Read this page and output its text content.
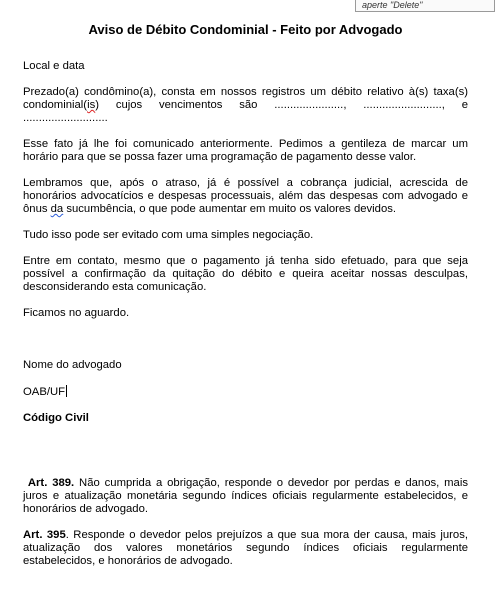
aperte "Delete"
Aviso de Débito Condominial - Feito por Advogado

Local e data

Prezado(a) condômino(a), consta em nossos registros um débito relativo à(s) taxa(s) condominial(is) cujos vencimentos são ......................, ........................., e ...........................

Esse fato já lhe foi comunicado anteriormente. Pedimos a gentileza de marcar um horário para que se possa fazer uma programação de pagamento desse valor.

Lembramos que, após o atraso, já é possível a cobrança judicial, acrescida de honorários advocatícios e despesas processuais, além das despesas com advogado e ônus da sucumbência, o que pode aumentar em muito os valores devidos.

Tudo isso pode ser evitado com uma simples negociação.

Entre em contato, mesmo que o pagamento já tenha sido efetuado, para que seja possível a confirmação da quitação do débito e queira aceitar nossas desculpas, desconsiderando esta comunicação.

Ficamos no aguardo.

Nome do advogado

OAB/UF

Código Civil

Art. 389. Não cumprida a obrigação, responde o devedor por perdas e danos, mais juros e atualização monetária segundo índices oficiais regularmente estabelecidos, e honorários de advogado.

Art. 395. Responde o devedor pelos prejuízos a que sua mora der causa, mais juros, atualização dos valores monetários segundo índices oficiais regularmente estabelecidos, e honorários de advogado.
